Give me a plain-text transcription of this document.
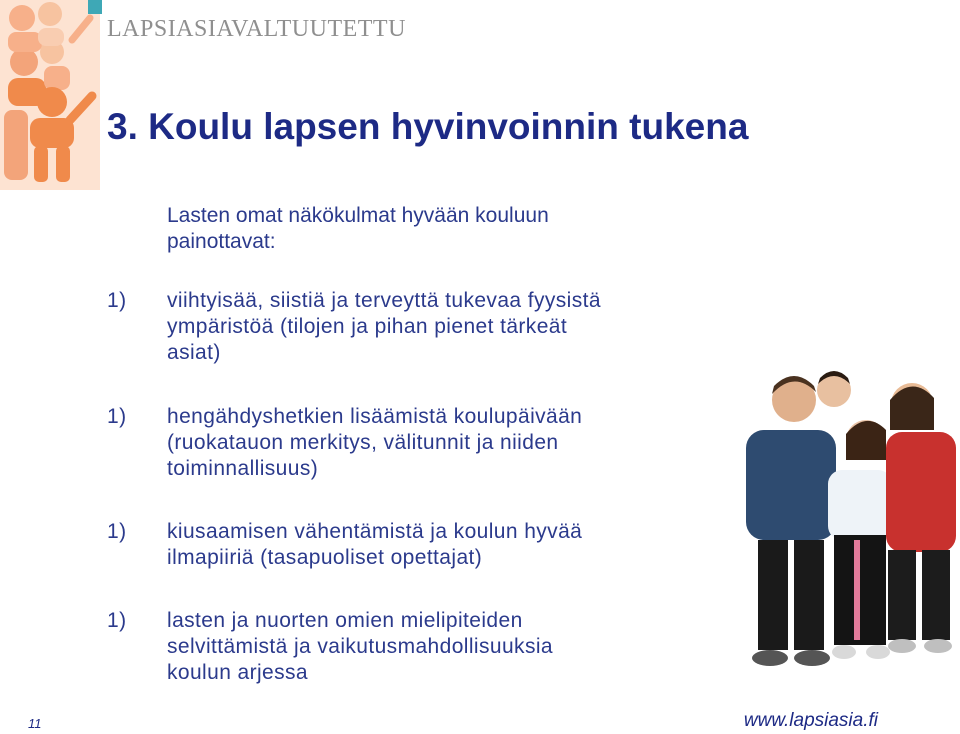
LAPSIASIAVALTUUTETTU
3. Koulu lapsen hyvinvoinnin tukena
Lasten omat näkökulmat hyvään kouluun
painottavat:
1) viihtyisää, siistiä ja terveyttä tukevaa fyysistä
ympäristöä (tilojen ja pihan pienet tärkeät
asiat)
1) hengähdyshetkien lisäämistä koulupäivään
(ruokatauon merkitys, välitunnit ja niiden
toiminnallisuus)
1) kiusaamisen vähentämistä ja koulun hyvää
ilmapiiriä (tasapuoliset opettajat)
1) lasten ja nuorten omien mielipiteiden
selvittämistä ja vaikutusmahdollisuuksia
koulun arjessa
11	www.lapsiasia.fi
